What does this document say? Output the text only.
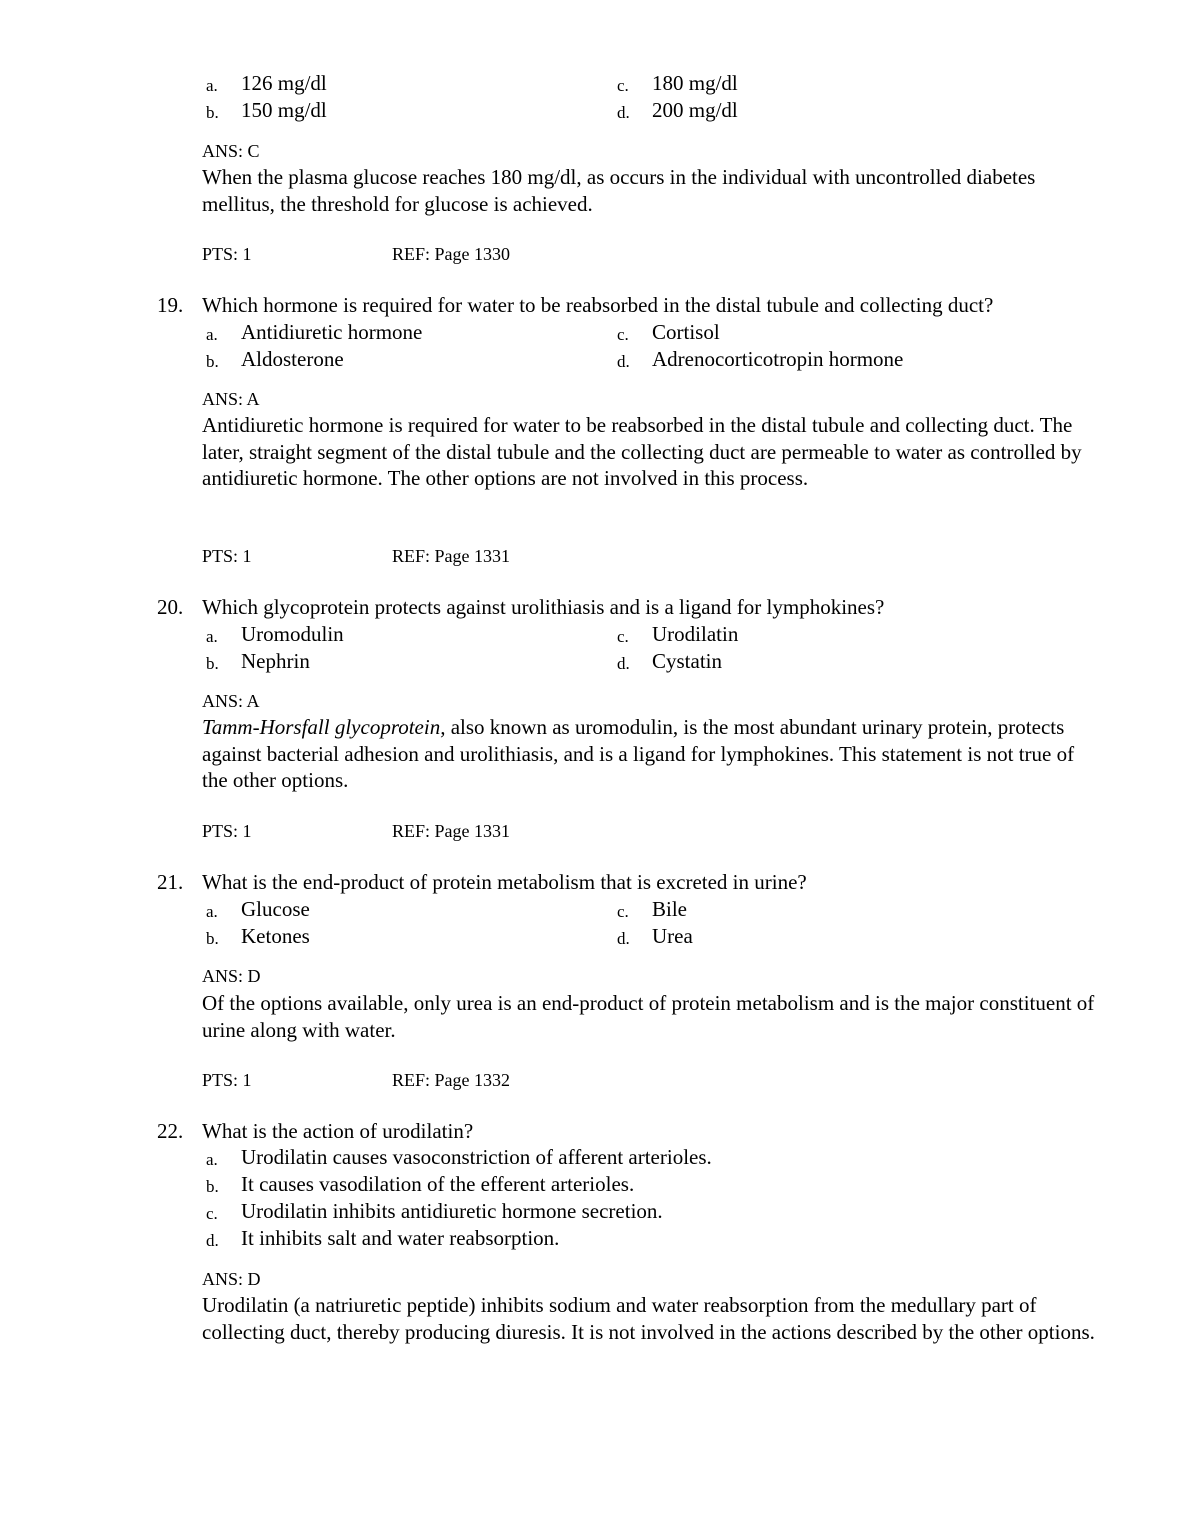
a. 126 mg/dl
b. 150 mg/dl
c. 180 mg/dl
d. 200 mg/dl
ANS: C
When the plasma glucose reaches 180 mg/dl, as occurs in the individual with uncontrolled diabetes mellitus, the threshold for glucose is achieved.
PTS: 1	REF: Page 1330
19. Which hormone is required for water to be reabsorbed in the distal tubule and collecting duct?
a. Antidiuretic hormone
b. Aldosterone
c. Cortisol
d. Adrenocorticotropin hormone
ANS: A
Antidiuretic hormone is required for water to be reabsorbed in the distal tubule and collecting duct. The later, straight segment of the distal tubule and the collecting duct are permeable to water as controlled by antidiuretic hormone. The other options are not involved in this process.
PTS: 1	REF: Page 1331
20. Which glycoprotein protects against urolithiasis and is a ligand for lymphokines?
a. Uromodulin
b. Nephrin
c. Urodilatin
d. Cystatin
ANS: A
Tamm-Horsfall glycoprotein, also known as uromodulin, is the most abundant urinary protein, protects against bacterial adhesion and urolithiasis, and is a ligand for lymphokines. This statement is not true of the other options.
PTS: 1	REF: Page 1331
21. What is the end-product of protein metabolism that is excreted in urine?
a. Glucose
b. Ketones
c. Bile
d. Urea
ANS: D
Of the options available, only urea is an end-product of protein metabolism and is the major constituent of urine along with water.
PTS: 1	REF: Page 1332
22. What is the action of urodilatin?
a. Urodilatin causes vasoconstriction of afferent arterioles.
b. It causes vasodilation of the efferent arterioles.
c. Urodilatin inhibits antidiuretic hormone secretion.
d. It inhibits salt and water reabsorption.
ANS: D
Urodilatin (a natriuretic peptide) inhibits sodium and water reabsorption from the medullary part of collecting duct, thereby producing diuresis. It is not involved in the actions described by the other options.
